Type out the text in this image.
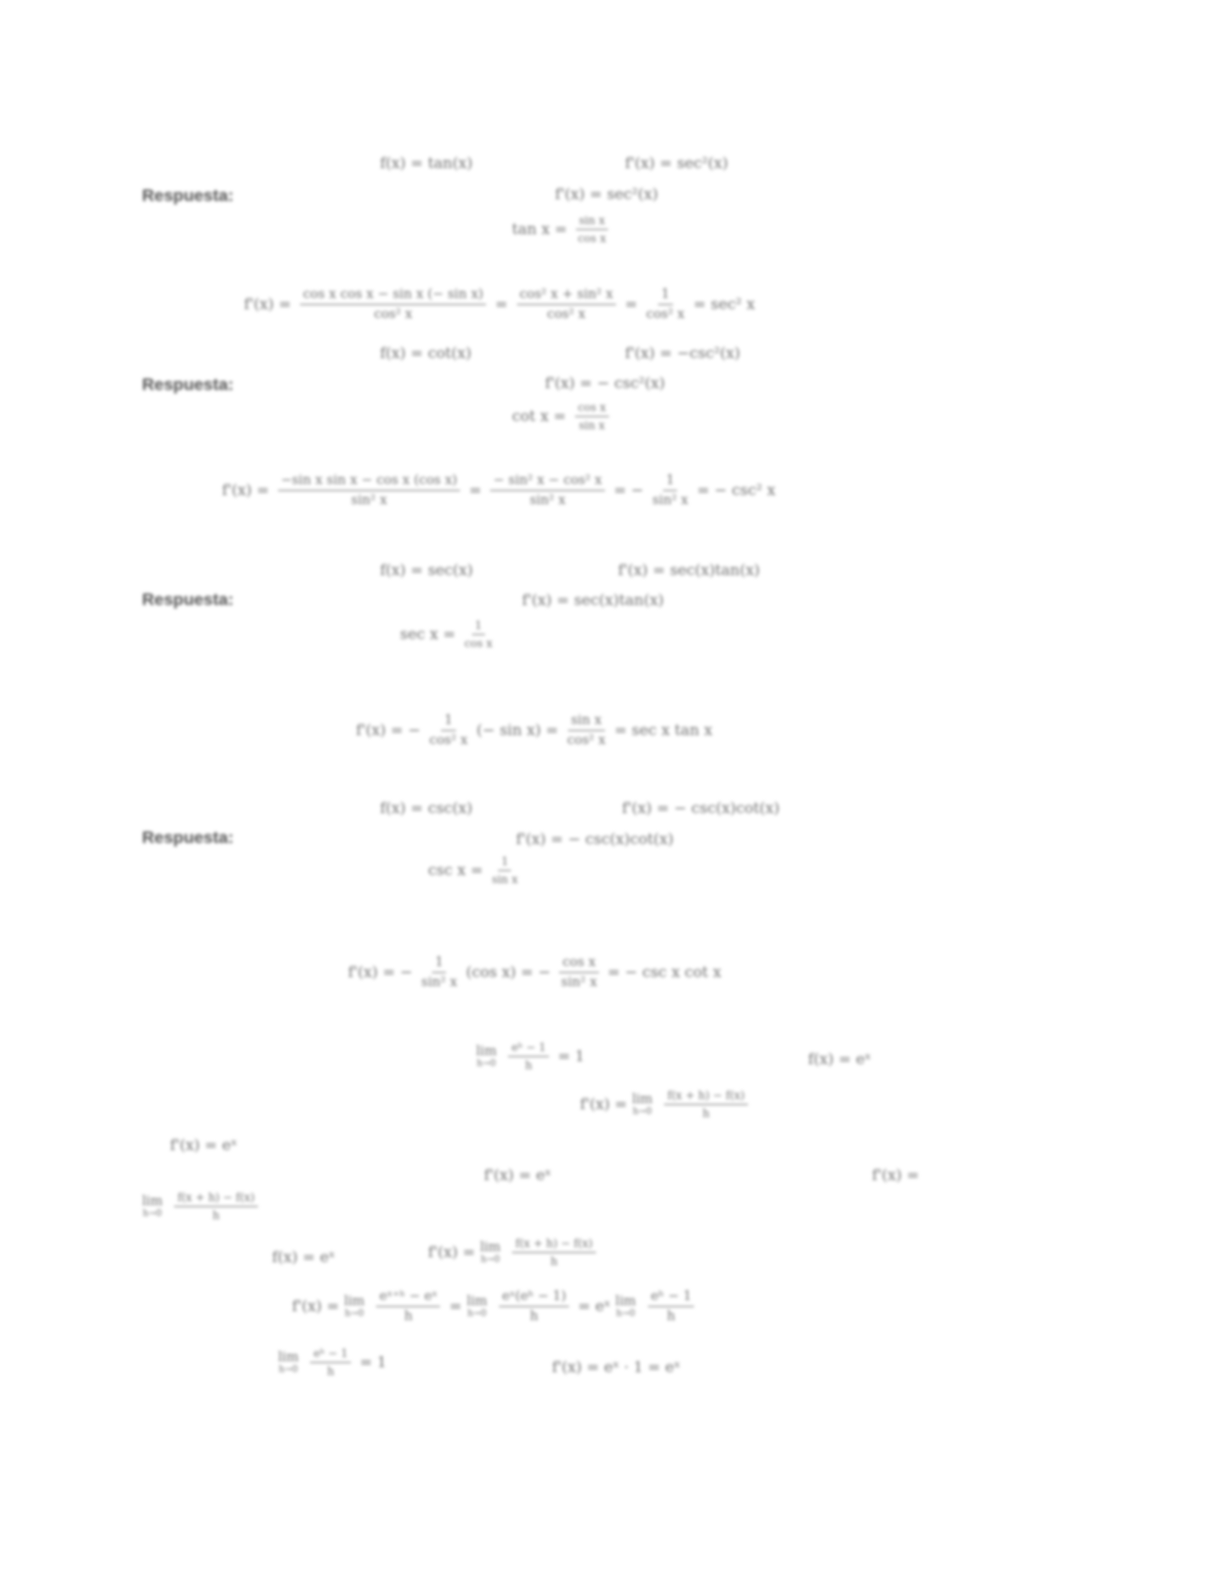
f(x) = tan(x)	f'(x) = sec²(x)
Respuesta:	f'(x) = sec²(x)
$\tan x = \frac{\text{sin x}}{\text{cos x}}$
$f'(x) = \frac{\text{cos x cos x − sin x (− sin x)}}{\text{cos² x}} = \frac{\text{cos² x + sin² x}}{\text{cos² x}} = \frac{1}{\text{cos² x}} = \sec^2$ x
f(x) = cot(x)	f'(x) = −csc²(x)
Respuesta:	f'(x) = − csc²(x)
$\cot x = \frac{\text{cos x}}{\text{sin x}}$
$f'(x) = \frac{\text{−sin x sin x − cos x (cos x)}}{\text{sin² x}} = \frac{\text{− sin² x − cos² x}}{\text{sin² x}}$ = − $\frac{1}{\text{sin² x}}$ = − csc² x
f(x) = sec(x)	f'(x) = sec(x)tan(x)
Respuesta:	f'(x) = sec(x)tan(x)
$\sec x = \frac{1}{\text{cos x}}$
f'(x) = − $\frac{1}{\text{cos² x}}$ (− $\sin x) = \frac{\text{sin x}}{\text{cos² x}} = \sec x$ tan x
f(x) = csc(x)	f'(x) = − csc(x)cot(x)
Respuesta:	f'(x) = − csc(x)cot(x)
$\csc x = \frac{1}{\text{sin x}}$
f'(x) = − $\frac{1}{\text{sin² x}} (\cos$ x) = − $\frac{\text{cos x}}{\text{sin² x}}$ = − csc x cot x
lim
h→0
$\frac{\text{eʰ − 1}}{h} = 1$	f(x) = eˣ
f'(x) = lim
h→0
$\frac{f(x + h) - f(x)}{h}$
f'(x) = eˣ
f'(x) = eˣ	f'(x) =
lim
h→0
$\frac{f(x + h) - f(x)}{h}$
f(x) = eˣ	f'(x) = lim
h→0
$\frac{f(x + h) - f(x)}{h}$
f'(x) = lim
h→0
$\frac{\text{eˣ⁺ʰ − eˣ}}{h} = \lim$
h→0
$\frac{\text{eˣ(eʰ − 1)}}{h}$ = eˣ lim
h→0
$\frac{\text{eʰ − 1}}{h}$
lim
h→0
$\frac{\text{eʰ − 1}}{h} = 1$	f'(x) = eˣ · 1 = eˣ
